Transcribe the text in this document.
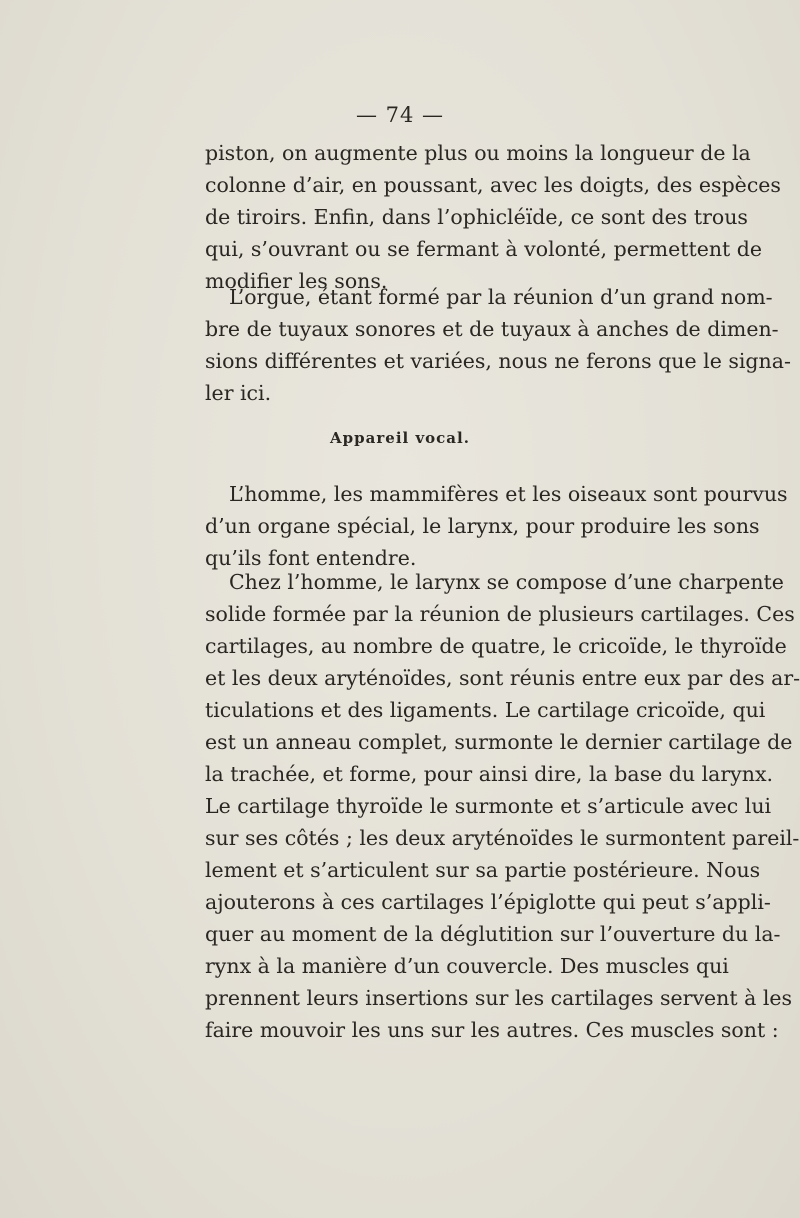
— 74 —
piston, on augmente plus ou moins la longueur de la
colonne d’air, en poussant, avec les doigts, des espèces
de tiroirs. Enfin, dans l’ophicléïde, ce sont des trous
qui, s’ouvrant ou se fermant à volonté, permettent de
modifier les sons.
L’orgue, étant formé par la réunion d’un grand nom-
bre de tuyaux sonores et de tuyaux à anches de dimen-
sions différentes et variées, nous ne ferons que le signa-
ler ici.
Appareil vocal.
L’homme, les mammifères et les oiseaux sont pourvus
d’un organe spécial, le larynx, pour produire les sons
qu’ils font entendre.
Chez l’homme, le larynx se compose d’une charpente
solide formée par la réunion de plusieurs cartilages. Ces
cartilages, au nombre de quatre, le cricoïde, le thyroïde
et les deux aryténoïdes, sont réunis entre eux par des ar-
ticulations et des ligaments. Le cartilage cricoïde, qui
est un anneau complet, surmonte le dernier cartilage de
la trachée, et forme, pour ainsi dire, la base du larynx.
Le cartilage thyroïde le surmonte et s’articule avec lui
sur ses côtés ; les deux aryténoïdes le surmontent pareil-
lement et s’articulent sur sa partie postérieure. Nous
ajouterons à ces cartilages l’épiglotte qui peut s’appli-
quer au moment de la déglutition sur l’ouverture du la-
rynx à la manière d’un couvercle. Des muscles qui
prennent leurs insertions sur les cartilages servent à les
faire mouvoir les uns sur les autres. Ces muscles sont :
